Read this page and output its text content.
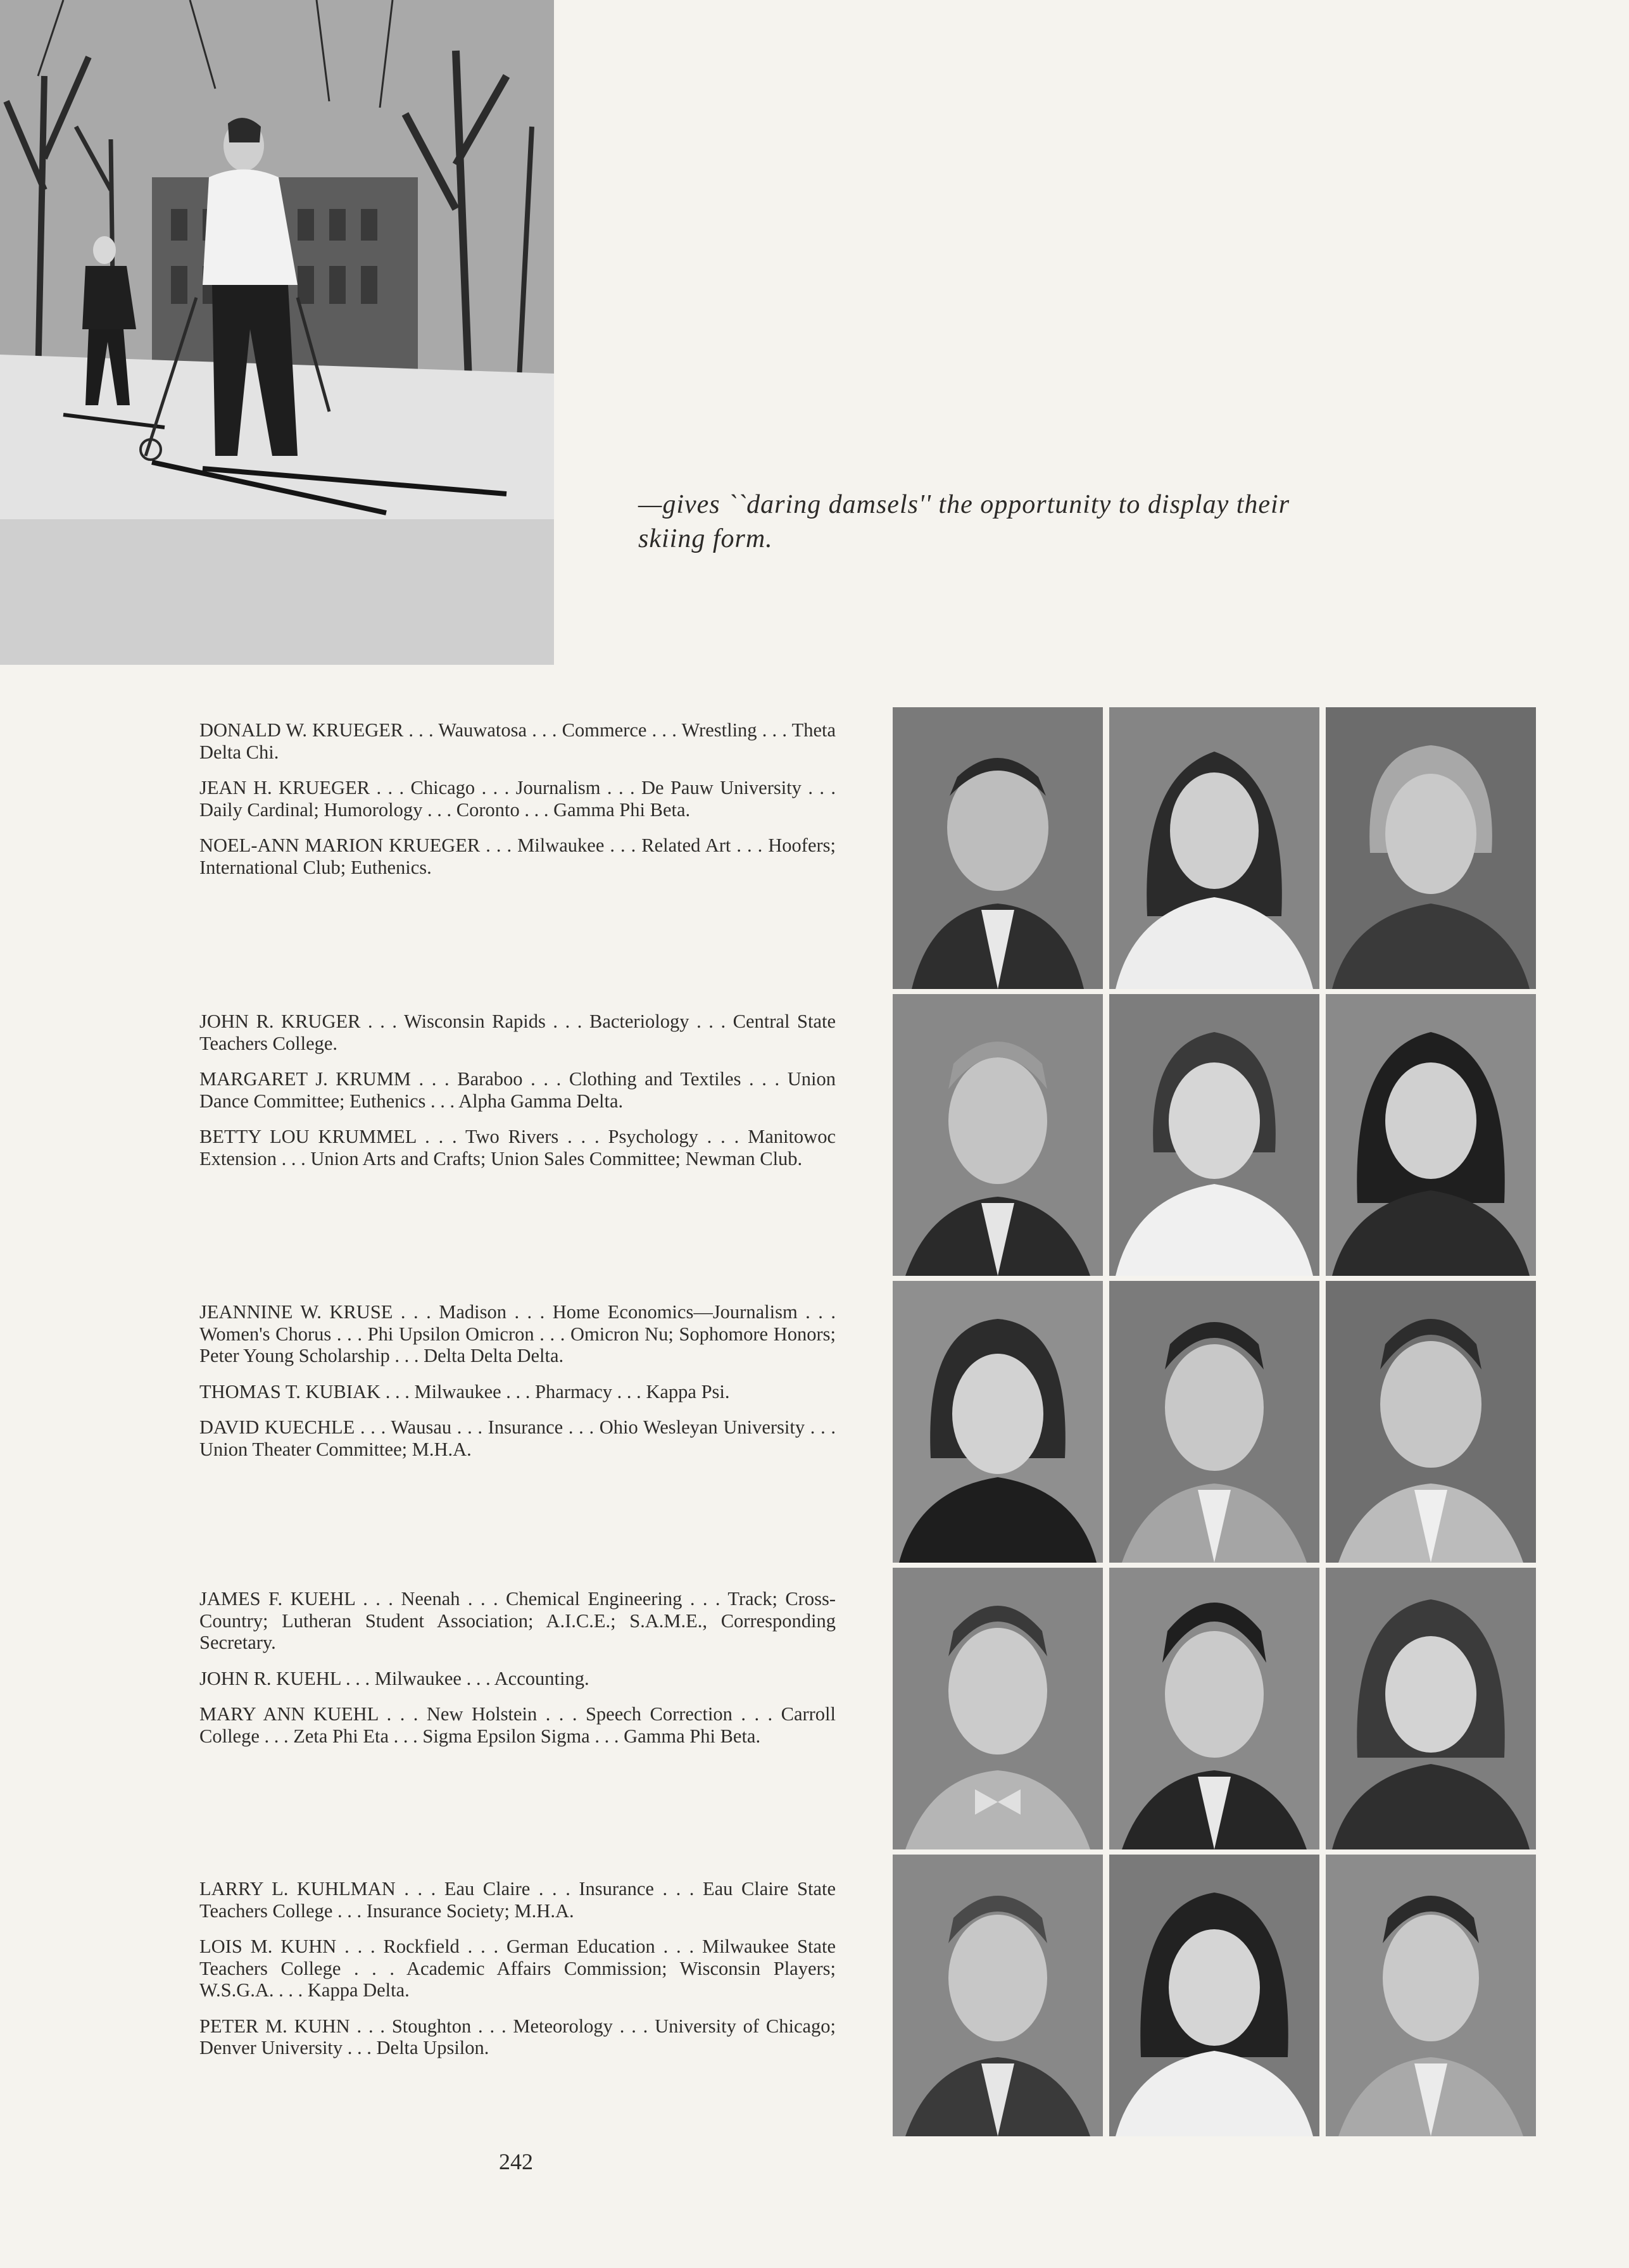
—gives ``daring damsels'' the opportunity to display their skiing form.

DONALD W. KRUEGER . . . Wauwatosa . . . Commerce . . . Wrestling . . . Theta Delta Chi.

JEAN H. KRUEGER . . . Chicago . . . Journalism . . . De Pauw University . . . Daily Cardinal; Humorology . . . Coronto . . . Gamma Phi Beta.

NOEL-ANN MARION KRUEGER . . . Milwaukee . . . Related Art . . . Hoofers; International Club; Euthenics.

JOHN R. KRUGER . . . Wisconsin Rapids . . . Bacteriology . . . Central State Teachers College.

MARGARET J. KRUMM . . . Baraboo . . . Clothing and Textiles . . . Union Dance Committee; Euthenics . . . Alpha Gamma Delta.

BETTY LOU KRUMMEL . . . Two Rivers . . . Psychology . . . Manitowoc Extension . . . Union Arts and Crafts; Union Sales Committee; Newman Club.

JEANNINE W. KRUSE . . . Madison . . . Home Economics—Journalism . . . Women's Chorus . . . Phi Upsilon Omicron . . . Omicron Nu; Sophomore Honors; Peter Young Scholarship . . . Delta Delta Delta.

THOMAS T. KUBIAK . . . Milwaukee . . . Pharmacy . . . Kappa Psi.

DAVID KUECHLE . . . Wausau . . . Insurance . . . Ohio Wesleyan University . . . Union Theater Committee; M.H.A.

JAMES F. KUEHL . . . Neenah . . . Chemical Engineering . . . Track; Cross-Country; Lutheran Student Association; A.I.C.E.; S.A.M.E., Corresponding Secretary.

JOHN R. KUEHL . . . Milwaukee . . . Accounting.

MARY ANN KUEHL . . . New Holstein . . . Speech Correction . . . Carroll College . . . Zeta Phi Eta . . . Sigma Epsilon Sigma . . . Gamma Phi Beta.

LARRY L. KUHLMAN . . . Eau Claire . . . Insurance . . . Eau Claire State Teachers College . . . Insurance Society; M.H.A.

LOIS M. KUHN . . . Rockfield . . . German Education . . . Milwaukee State Teachers College . . . Academic Affairs Commission; Wisconsin Players; W.S.G.A. . . . Kappa Delta.

PETER M. KUHN . . . Stoughton . . . Meteorology . . . University of Chicago; Denver University . . . Delta Upsilon.

242
